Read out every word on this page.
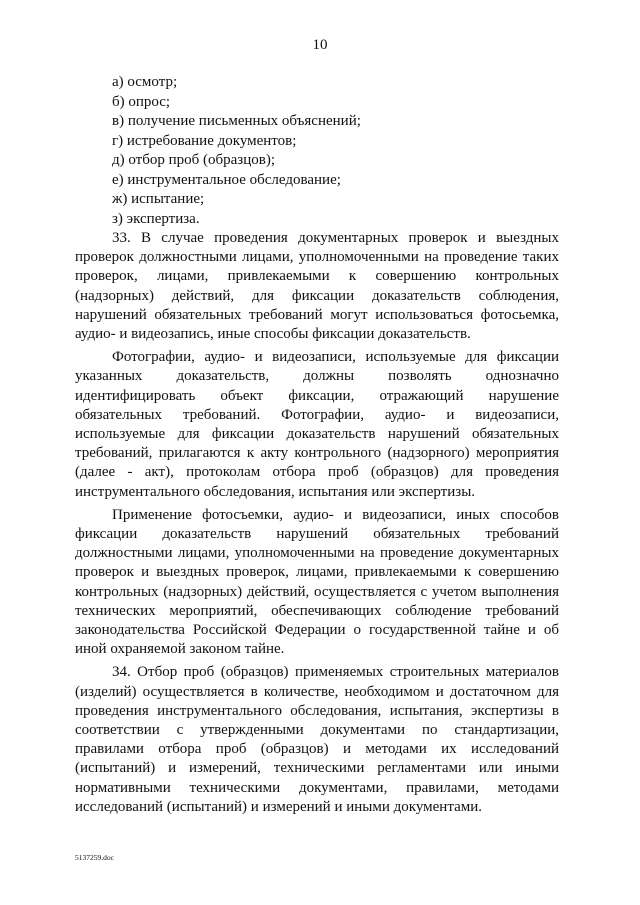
10
а) осмотр;
б) опрос;
в) получение письменных объяснений;
г) истребование документов;
д) отбор проб (образцов);
е) инструментальное обследование;
ж) испытание;
з) экспертиза.

33. В случае проведения документарных проверок и выездных проверок должностными лицами, уполномоченными на проведение таких проверок, лицами, привлекаемыми к совершению контрольных (надзорных) действий, для фиксации доказательств соблюдения, нарушений обязательных требований могут использоваться фотосьемка, аудио- и видеозапись, иные способы фиксации доказательств.

Фотографии, аудио- и видеозаписи, используемые для фиксации указанных доказательств, должны позволять однозначно идентифицировать объект фиксации, отражающий нарушение обязательных требований. Фотографии, аудио- и видеозаписи, используемые для фиксации доказательств нарушений обязательных требований, прилагаются к акту контрольного (надзорного) мероприятия (далее - акт), протоколам отбора проб (образцов) для проведения инструментального обследования, испытания или экспертизы.

Применение фотосъемки, аудио- и видеозаписи, иных способов фиксации доказательств нарушений обязательных требований должностными лицами, уполномоченными на проведение документарных проверок и выездных проверок, лицами, привлекаемыми к совершению контрольных (надзорных) действий, осуществляется с учетом выполнения технических мероприятий, обеспечивающих соблюдение требований законодательства Российской Федерации о государственной тайне и об иной охраняемой законом тайне.

34. Отбор проб (образцов) применяемых строительных материалов (изделий) осуществляется в количестве, необходимом и достаточном для проведения инструментального обследования, испытания, экспертизы в соответствии с утвержденными документами по стандартизации, правилами отбора проб (образцов) и методами их исследований (испытаний) и измерений, техническими регламентами или иными нормативными техническими документами, правилами, методами исследований (испытаний) и измерений и иными документами.

5137259.doc
